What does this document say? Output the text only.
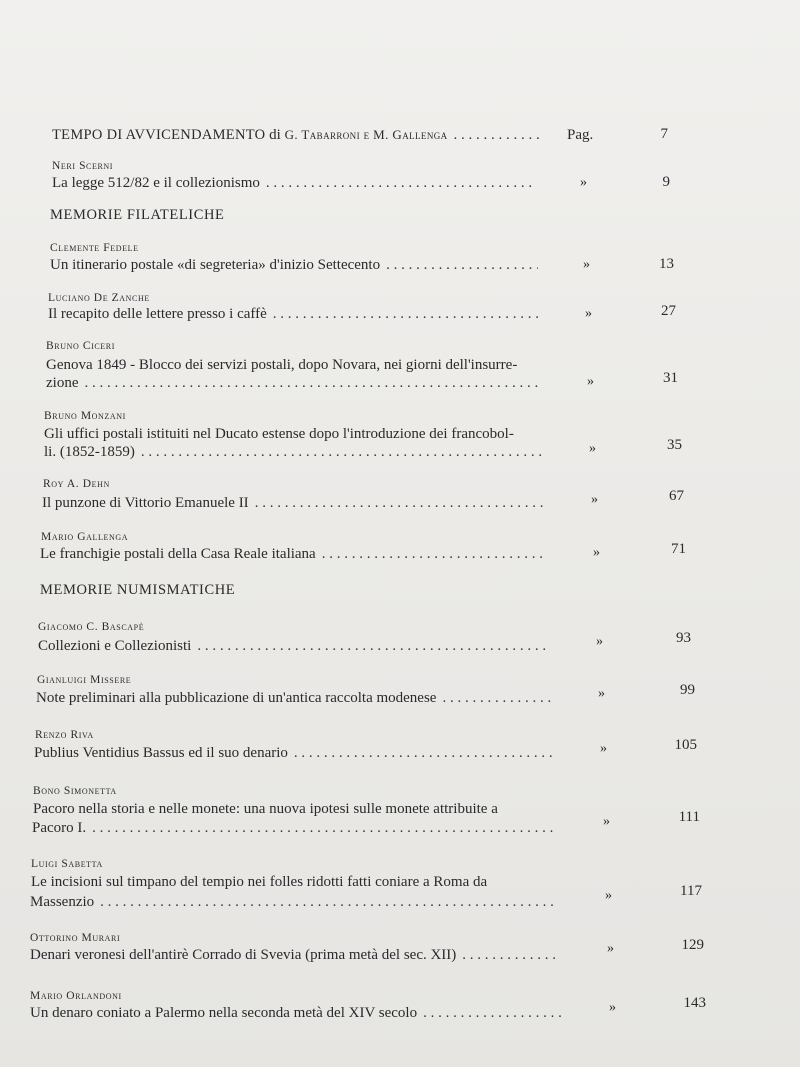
TEMPO DI AVVICENDAMENTO di G. Tabarroni e M. Gallenga . . .	Pag.	7
Neri Scerni
La legge 512/82 e il collezionismo . . .	»	9
MEMORIE FILATELICHE
Clemente Fedele
Un itinerario postale «di segreteria» d'inizio Settecento . . .	»	13
Luciano De Zanche
Il recapito delle lettere presso i caffè . . .	»	27
Bruno Ciceri
Genova 1849 - Blocco dei servizi postali, dopo Novara, nei giorni dell'insurre-
zione . . .	»	31
Bruno Monzani
Gli uffici postali istituiti nel Ducato estense dopo l'introduzione dei francobol-
li. (1852-1859) . . .	»	35
Roy A. Dehn
Il punzone di Vittorio Emanuele II . . .	»	67
Mario Gallenga
Le franchigie postali della Casa Reale italiana . . .	»	71
MEMORIE NUMISMATICHE
Giacomo C. Bascapè
Collezioni e Collezionisti . . .	»	93
Gianluigi Missere
Note preliminari alla pubblicazione di un'antica raccolta modenese . . .	»	99
Renzo Riva
Publius Ventidius Bassus ed il suo denario . . .	»	105
Bono Simonetta
Pacoro nella storia e nelle monete: una nuova ipotesi sulle monete attribuite a
Pacoro I. . . .	»	111
Luigi Sabetta
Le incisioni sul timpano del tempio nei folles ridotti fatti coniare a Roma da
Massenzio . . .	»	117
Ottorino Murari
Denari veronesi dell'antirè Corrado di Svevia (prima metà del sec. XII) . . .	»	129
Mario Orlandoni
Un denaro coniato a Palermo nella seconda metà del XIV secolo . . .	»	143
